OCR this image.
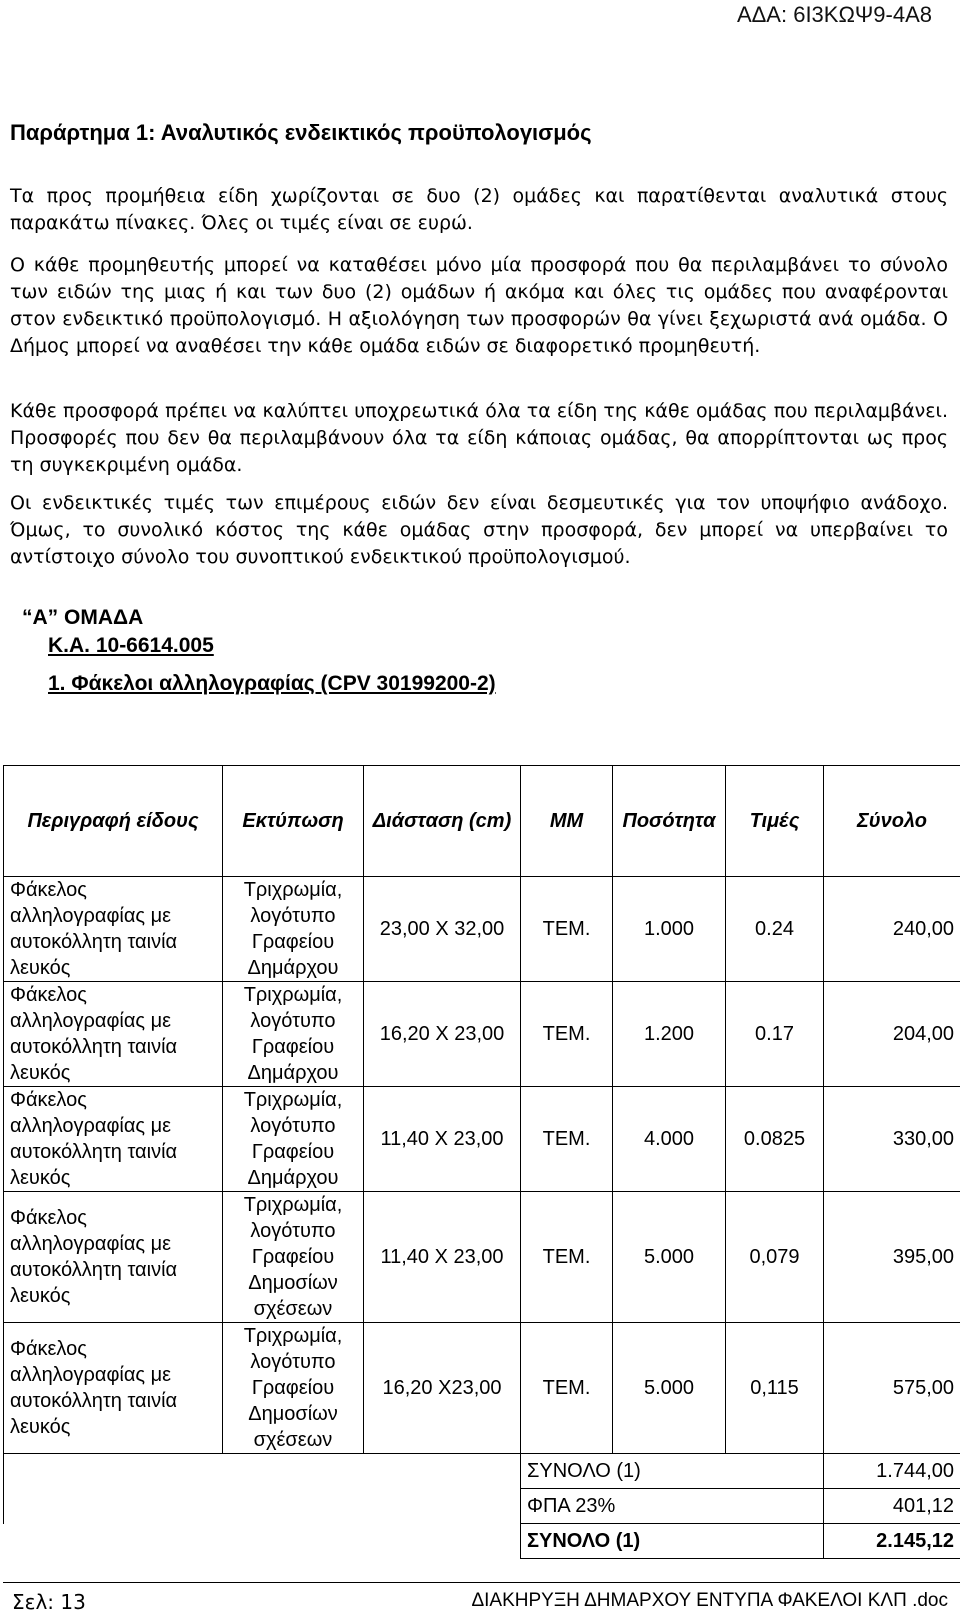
ΑΔΑ: 6Ι3ΚΩΨ9-4Α8
Παράρτημα 1: Αναλυτικός ενδεικτικός προϋπολογισμός

Τα προς προμήθεια είδη χωρίζονται σε δυο (2) ομάδες και παρατίθενται αναλυτικά στους παρακάτω πίνακες. Όλες οι τιμές είναι σε ευρώ.

Ο κάθε προμηθευτής μπορεί να καταθέσει μόνο μία προσφορά που θα περιλαμβάνει το σύνολο των ειδών της μιας ή και των δυο (2) ομάδων ή ακόμα και όλες τις ομάδες που αναφέρονται στον ενδεικτικό προϋπολογισμό. Η αξιολόγηση των προσφορών θα γίνει ξεχωριστά ανά ομάδα. Ο Δήμος μπορεί να αναθέσει την κάθε ομάδα ειδών σε διαφορετικό προμηθευτή.

Κάθε προσφορά πρέπει να καλύπτει υποχρεωτικά όλα τα είδη της κάθε ομάδας που περιλαμβάνει. Προσφορές που δεν θα περιλαμβάνουν όλα τα είδη κάποιας ομάδας, θα απορρίπτονται ως προς τη συγκεκριμένη ομάδα.

Οι ενδεικτικές τιμές των επιμέρους ειδών δεν είναι δεσμευτικές για τον υποψήφιο ανάδοχο. Όμως, το συνολικό κόστος της κάθε ομάδας στην προσφορά, δεν μπορεί να υπερβαίνει το αντίστοιχο σύνολο του συνοπτικού ενδεικτικού προϋπολογισμού.

“Α” ΟΜΑΔΑ
Κ.Α. 10-6614.005
1. Φάκελοι αλληλογραφίας (CPV 30199200-2)
Περιγραφή είδους	Εκτύπωση	Διάσταση (cm)	ΜΜ	Ποσότητα	Τιμές	Σύνολο
Φάκελος αλληλογραφίας με αυτοκόλλητη ταινία λευκός	Τριχρωμία, λογότυπο Γραφείου Δημάρχου	23,00 Χ 32,00	ΤΕΜ.	1.000	0.24	240,00
Φάκελος αλληλογραφίας με αυτοκόλλητη ταινία λευκός	Τριχρωμία, λογότυπο Γραφείου Δημάρχου	16,20 Χ 23,00	ΤΕΜ.	1.200	0.17	204,00
Φάκελος αλληλογραφίας με αυτοκόλλητη ταινία λευκός	Τριχρωμία, λογότυπο Γραφείου Δημάρχου	11,40 Χ 23,00	ΤΕΜ.	4.000	0.0825	330,00
Φάκελος αλληλογραφίας με αυτοκόλλητη ταινία λευκός	Τριχρωμία, λογότυπο Γραφείου Δημοσίων σχέσεων	11,40 Χ 23,00	ΤΕΜ.	5.000	0,079	395,00
Φάκελος αλληλογραφίας με αυτοκόλλητη ταινία λευκός	Τριχρωμία, λογότυπο Γραφείου Δημοσίων σχέσεων	16,20 Χ23,00	ΤΕΜ.	5.000	0,115	575,00
			ΣΥΝΟΛΟ (1)			1.744,00
			ΦΠΑ 23%			401,12
			ΣΥΝΟΛΟ (1)			2.145,12
Σελ: 13	ΔΙΑΚΗΡΥΞΗ ΔΗΜΑΡΧΟΥ ΕΝΤΥΠΑ ΦΑΚΕΛΟΙ ΚΛΠ .doc
